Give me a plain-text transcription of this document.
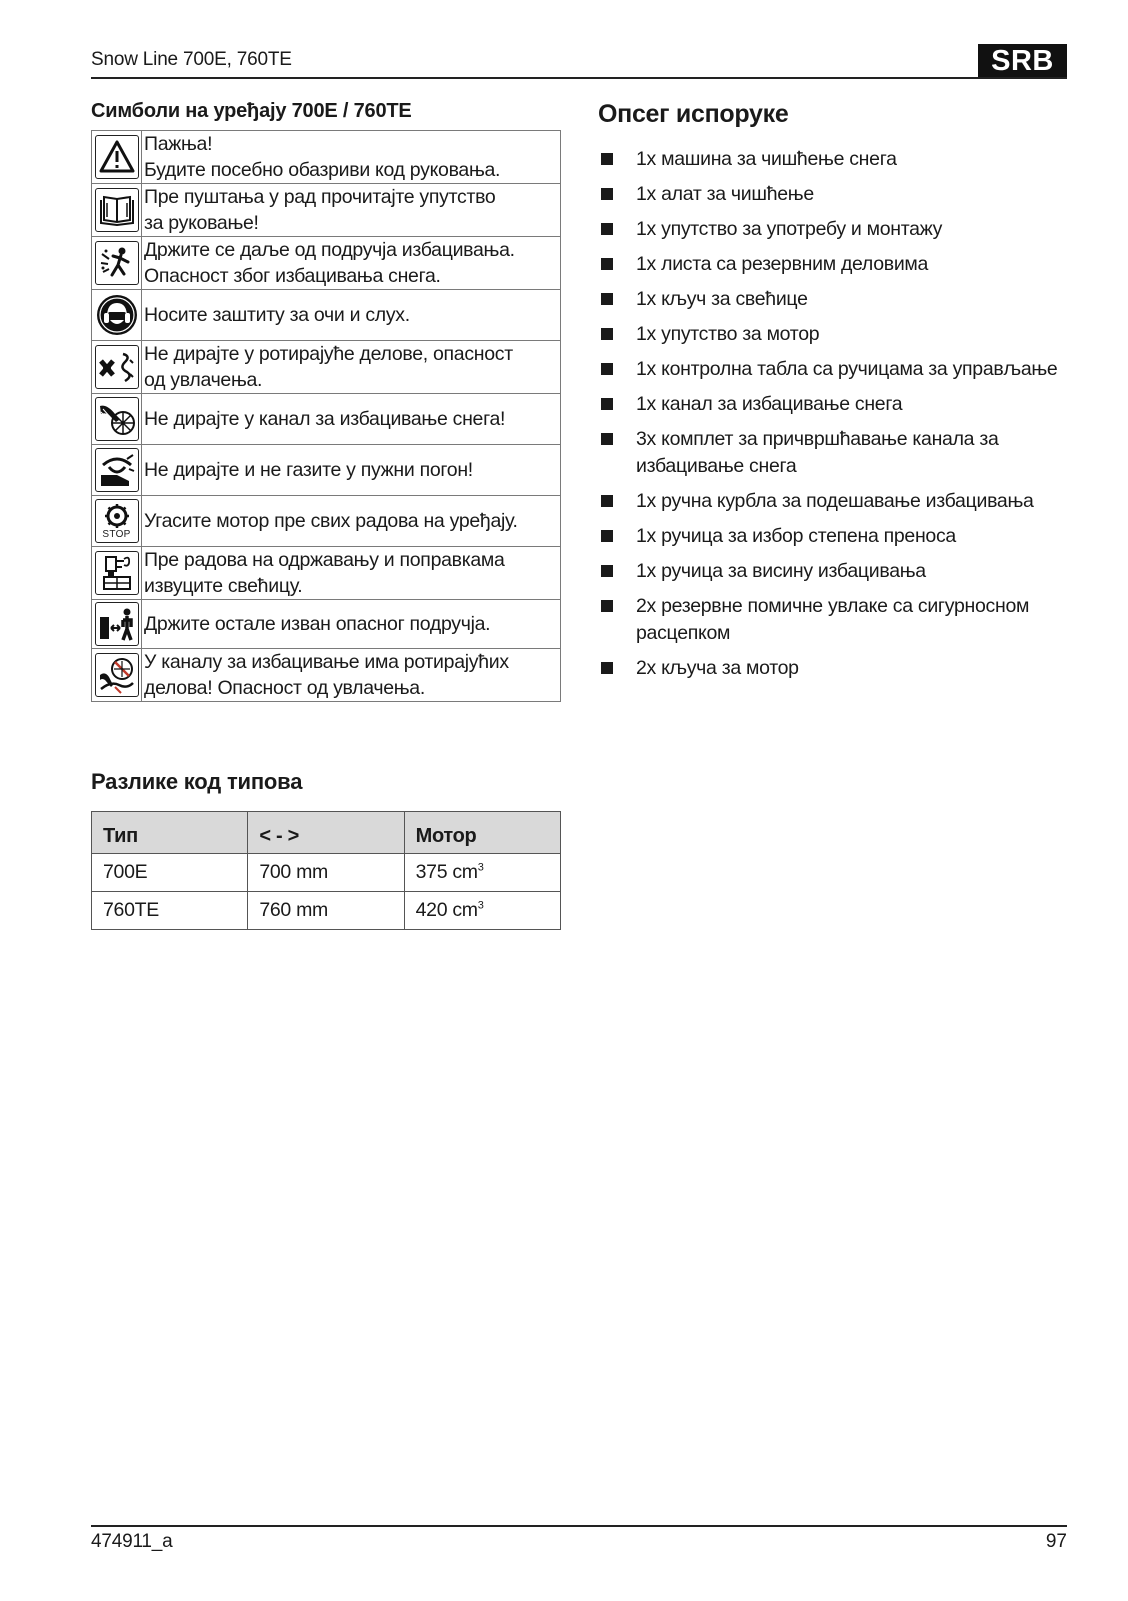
Snow Line 700E, 760TE	SRB
Симболи на уређају 700E / 760TE

Пажња!
Будите посебно обазриви код руковања.

Пре пуштања у рад прочитајте упутство
за руковање!

Држите се даље од подручја избацивања.
Опасност због избацивања снега.

Носите заштиту за очи и слух.

Не дирајте у ротирајуће делове, опасност
од увлачења.

Не дирајте у канал за избацивање снега!

Не дирајте и не газите у пужни погон!

STOP	Угасите мотор пре свих радова на уређају.

Пре радова на одржавању и поправкама
извуците свећицу.

Држите остале изван опасног подручја.

У каналу за избацивање има ротирајућих
делова! Опасност од увлачења.
Разлике код типова
Тип	< - >	Мотор
700E	700 mm	375 $cm^3$
760TE	760 mm	420 $cm^3$
Опсег испоруке
1x машина за чишћење снега
1x алат за чишћење
1x упутство за употребу и монтажу
1x листа са резервним деловима
1x кључ за свећице
1x упутство за мотор
1x контролна табла са ручицама за управљање
1x канал за избацивање снега
3x комплет за причвршћавање канала за избацивање снега
1x ручна курбла за подешавање избацивања
1x ручица за избор степена преноса
1x ручица за висину избацивања
2x резервне помичне увлаке са сигурносном расцепком
2x кључа за мотор
474911_a	97
